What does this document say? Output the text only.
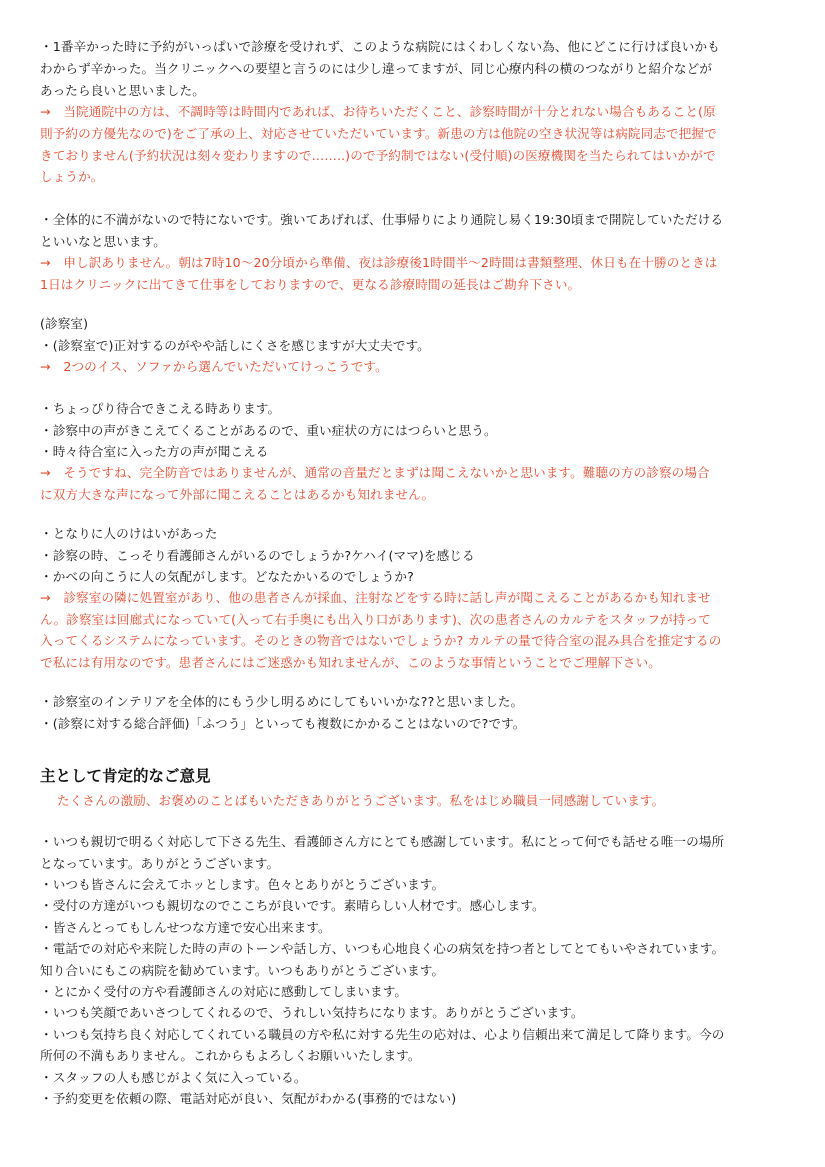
・1番辛かった時に予約がいっぱいで診療を受けれず、このような病院にはくわしくない為、他にどこに行けば良いかも
わからず辛かった。当クリニックへの要望と言うのには少し違ってますが、同じ心療内科の横のつながりと紹介などが
あったら良いと思いました。
→　当院通院中の方は、不調時等は時間内であれば、お待ちいただくこと、診察時間が十分とれない場合もあること(原
則予約の方優先なので)をご了承の上、対応させていただいています。新患の方は他院の空き状況等は病院同志で把握で
きておりません(予約状況は刻々変わりますので……..)ので予約制ではない(受付順)の医療機関を当たられてはいかがで
しょうか。
・全体的に不満がないので特にないです。強いてあげれば、仕事帰りにより通院し易く19:30頃まで開院していただける
といいなと思います。
→　申し訳ありません。朝は7時10〜20分頃から準備、夜は診療後1時間半〜2時間は書類整理、休日も在十勝のときは
1日はクリニックに出てきて仕事をしておりますので、更なる診療時間の延長はご勘弁下さい。
(診察室)
・(診察室で)正対するのがやや話しにくさを感じますが大丈夫です。
→　2つのイス、ソファから選んでいただいてけっこうです。
・ちょっぴり待合できこえる時あります。
・診察中の声がきこえてくることがあるので、重い症状の方にはつらいと思う。
・時々待合室に入った方の声が聞こえる
→　そうですね、完全防音ではありませんが、通常の音量だとまずは聞こえないかと思います。難聴の方の診察の場合
に双方大きな声になって外部に聞こえることはあるかも知れません。
・となりに人のけはいがあった
・診察の時、こっそり看護師さんがいるのでしょうか?ケハイ(ママ)を感じる
・かべの向こうに人の気配がします。どなたかいるのでしょうか?
→　診察室の隣に処置室があり、他の患者さんが採血、注射などをする時に話し声が聞こえることがあるかも知れませ
ん。診察室は回廊式になっていて(入って右手奥にも出入り口があります)、次の患者さんのカルテをスタッフが持って
入ってくるシステムになっています。そのときの物音ではないでしょうか? カルテの量で待合室の混み具合を推定するの
で私には有用なのです。患者さんにはご迷惑かも知れませんが、このような事情ということでご理解下さい。
・診察室のインテリアを全体的にもう少し明るめにしてもいいかな??と思いました。
・(診察に対する総合評価)「ふつう」といっても複数にかかることはないので?です。
主として肯定的なご意見
たくさんの激励、お褒めのことばもいただきありがとうございます。私をはじめ職員一同感謝しています。
・いつも親切で明るく対応して下さる先生、看護師さん方にとても感謝しています。私にとって何でも話せる唯一の場所
となっています。ありがとうございます。
・いつも皆さんに会えてホッとします。色々とありがとうございます。
・受付の方達がいつも親切なのでここちが良いです。素晴らしい人材です。感心します。
・皆さんとってもしんせつな方達で安心出来ます。
・電話での対応や来院した時の声のトーンや話し方、いつも心地良く心の病気を持つ者としてとてもいやされています。
知り合いにもこの病院を勧めています。いつもありがとうございます。
・とにかく受付の方や看護師さんの対応に感動してしまいます。
・いつも笑顔であいさつしてくれるので、うれしい気持ちになります。ありがとうございます。
・いつも気持ち良く対応してくれている職員の方や私に対する先生の応対は、心より信頼出来て満足して降ります。今の
所何の不満もありません。これからもよろしくお願いいたします。
・スタッフの人も感じがよく気に入っている。
・予約変更を依頼の際、電話対応が良い、気配がわかる(事務的ではない)
